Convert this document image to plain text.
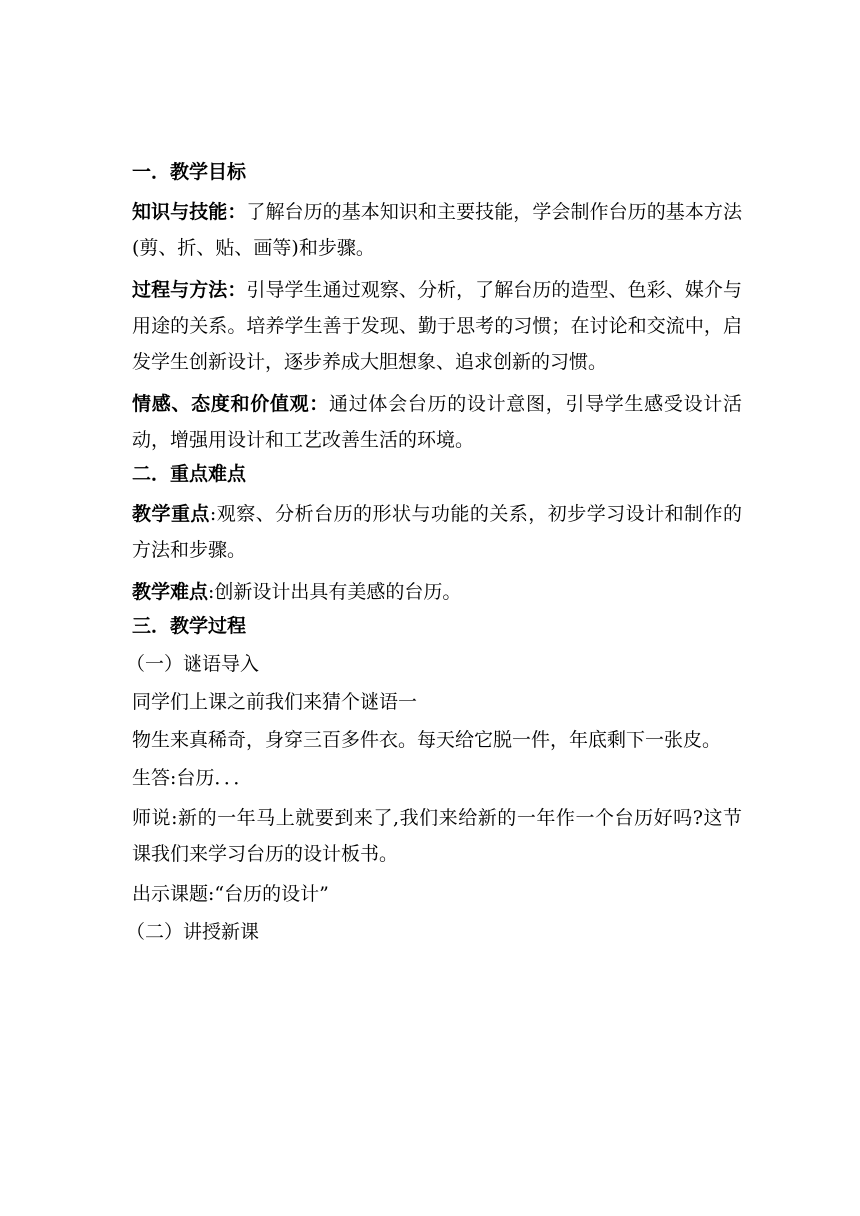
一．教学目标

知识与技能：了解台历的基本知识和主要技能，学会制作台历的基本方法(剪、折、贴、画等)和步骤。

过程与方法：引导学生通过观察、分析，了解台历的造型、色彩、媒介与用途的关系。培养学生善于发现、勤于思考的习惯；在讨论和交流中，启发学生创新设计，逐步养成大胆想象、追求创新的习惯。

情感、态度和价值观：通过体会台历的设计意图，引导学生感受设计活动，增强用设计和工艺改善生活的环境。

二．重点难点

教学重点:观察、分析台历的形状与功能的关系，初步学习设计和制作的方法和步骤。

教学难点:创新设计出具有美感的台历。

三．教学过程

（一）谜语导入

同学们上课之前我们来猜个谜语一

物生来真稀奇，身穿三百多件衣。每天给它脱一件，年底剩下一张皮。

生答:台历．．．

师说:新的一年马上就要到来了,我们来给新的一年作一个台历好吗?这节课我们来学习台历的设计板书。

出示课题:“台历的设计”

（二）讲授新课
